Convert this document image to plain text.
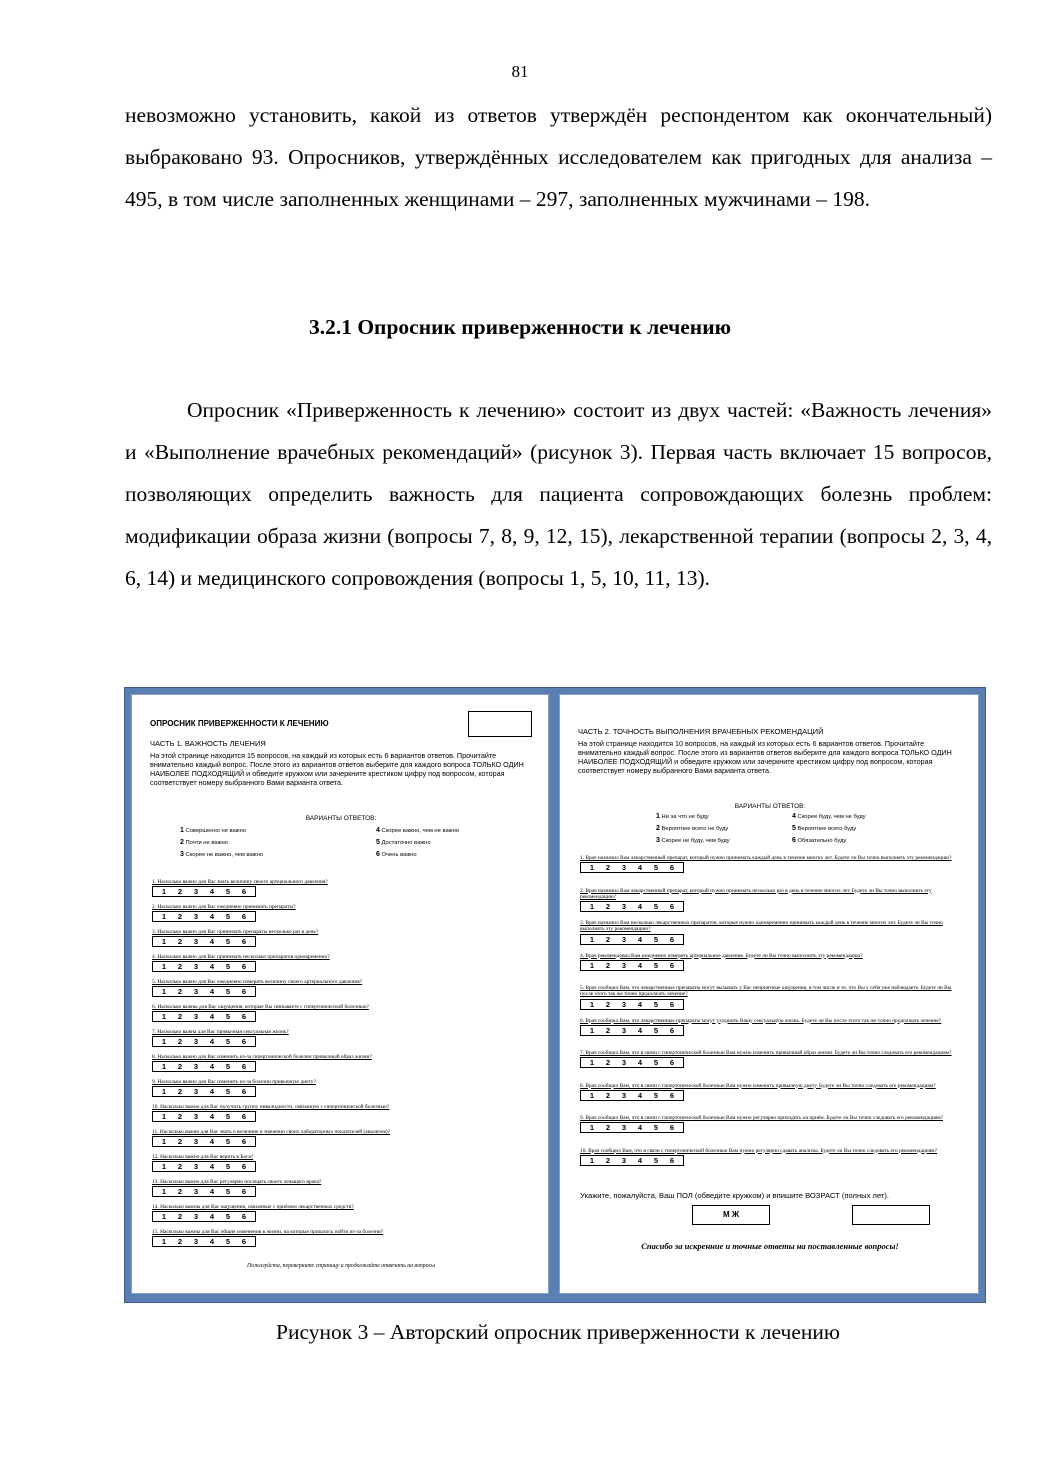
81

невозможно установить, какой из ответов утверждён респондентом как окончательный) выбраковано 93. Опросников, утверждённых исследователем как пригодных для анализа – 495, в том числе заполненных женщинами – 297, заполненных мужчинами – 198.

3.2.1 Опросник приверженности к лечению

Опросник «Приверженность к лечению» состоит из двух частей: «Важность лечения» и «Выполнение врачебных рекомендаций» (рисунок 3). Первая часть включает 15 вопросов, позволяющих определить важность для пациента сопровождающих болезнь проблем: модификации образа жизни (вопросы 7, 8, 9, 12, 15), лекарственной терапии (вопросы 2, 3, 4, 6, 14) и медицинского сопровождения (вопросы 1, 5, 10, 11, 13).

ОПРОСНИК ПРИВЕРЖЕННОСТИ К ЛЕЧЕНИЮ
ЧАСТЬ 1. ВАЖНОСТЬ ЛЕЧЕНИЯ
На этой странице находится 15 вопросов, на каждый из которых есть 6 вариантов ответов. Прочитайте внимательно каждый вопрос. После этого из вариантов ответов выберите для каждого вопроса ТОЛЬКО ОДИН НАИБОЛЕЕ ПОДХОДЯЩИЙ и обведите кружком или зачеркните крестиком цифру под вопросом, которая соответствует номеру выбранного Вами варианта ответа.
ВАРИАНТЫ ОТВЕТОВ:
1 Совершенно не важно	4 Скорее важно, чем не важно
2 Почти не важно	5 Достаточно важно
3 Скорее не важно, чем важно	6 Очень важно
1. Насколько важно для Вас знать величину своего артериального давления?
1 2 3 4 5 6
2. Насколько важно для Вас ежедневно принимать препараты?
1 2 3 4 5 6
3. Насколько важно для Вас принимать препараты несколько раз в день?
1 2 3 4 5 6
4. Насколько важно для Вас принимать несколько препаратов одновременно?
1 2 3 4 5 6
5. Насколько важно для Вас ежедневно измерять величину своего артериального давления?
1 2 3 4 5 6
6. Насколько важны для Вас ощущения, которые Вы связываете с гипертонической болезнью?
1 2 3 4 5 6
7. Насколько важна для Вас привычная сексуальная жизнь?
1 2 3 4 5 6
8. Насколько важно для Вас изменить из-за гипертонической болезни привычный образ жизни?
1 2 3 4 5 6
9. Насколько важно для Вас изменить из-за болезни привычную диету?
1 2 3 4 5 6
10. Насколько важно для Вас получить группу инвалидности, связанную с гипертонической болезнью?
1 2 3 4 5 6
11. Насколько важно для Вас знать о величине и значении своих лабораторных показателей (анализов)?
1 2 3 4 5 6
12. Насколько важно для Вас верить в Бога?
1 2 3 4 5 6
13. Насколько важно для Вас регулярно посещать своего лечащего врача?
1 2 3 4 5 6
14. Насколько важны для Вас ощущения, связанные с приёмом лекарственных средств?
1 2 3 4 5 6
15. Насколько важны для Вас общие изменения в жизни, на которые пришлось пойти из-за болезни?
1 2 3 4 5 6
Пожалуйста, переверните страницу и продолжайте отвечать на вопросы
ЧАСТЬ 2. ТОЧНОСТЬ ВЫПОЛНЕНИЯ ВРАЧЕБНЫХ РЕКОМЕНДАЦИЙ
На этой странице находится 10 вопросов, на каждый из которых есть 6 вариантов ответов. Прочитайте внимательно каждый вопрос. После этого из вариантов ответов выберите для каждого вопроса ТОЛЬКО ОДИН НАИБОЛЕЕ ПОДХОДЯЩИЙ и обведите кружком или зачеркните крестиком цифру под вопросом, которая соответствует номеру выбранного Вами варианта ответа.
ВАРИАНТЫ ОТВЕТОВ:
1 Ни за что не буду	4 Скорее буду, чем не буду
2 Вероятнее всего не буду	5 Вероятнее всего буду
3 Скорее не буду, чем буду	6 Обязательно буду
1. Врач назначил Вам лекарственный препарат, который нужно принимать каждый день в течение многих лет. Будете ли Вы точно выполнять эту рекомендацию?
1 2 3 4 5 6
2. Врач назначил Вам лекарственный препарат, который нужно принимать несколько раз в день в течение многих лет. Будете ли Вы точно выполнять эту рекомендацию?
1 2 3 4 5 6
3. Врач назначил Вам несколько лекарственных препаратов, которые нужно одновременно принимать каждый день в течение многих лет. Будете ли Вы точно выполнять эту рекомендацию?
1 2 3 4 5 6
4. Врач рекомендовал Вам ежедневно измерять артериальное давление. Будете ли Вы точно выполнять эту рекомендацию?
1 2 3 4 5 6
5. Врач сообщил Вам, что лекарственные препараты могут вызывать у Вас неприятные ощущения, в том числе и те, что Вы у себя уже наблюдаете. Будете ли Вы после этого так же точно продолжать лечение?
1 2 3 4 5 6
6. Врач сообщил Вам, что лекарственные препараты могут ухудшить Вашу сексуальную жизнь. Будете ли Вы после этого так же точно продолжать лечение?
1 2 3 4 5 6
7. Врач сообщил Вам, что в связи с гипертонической болезнью Вам нужно изменить привычный образ жизни. Будете ли Вы точно следовать его рекомендациям?
1 2 3 4 5 6
8. Врач сообщил Вам, что в связи с гипертонической болезнью Вам нужно изменить привычную диету. Будете ли Вы точно следовать его рекомендациям?
1 2 3 4 5 6
9. Врач сообщил Вам, что в связи с гипертонической болезнью Вам нужно регулярно приходить на приём. Будете ли Вы точно следовать его рекомендациям?
1 2 3 4 5 6
10. Врач сообщил Вам, что в связи с гипертонической болезнью Вам нужно регулярно сдавать анализы. Будете ли Вы точно следовать его рекомендациям?
1 2 3 4 5 6
Укажите, пожалуйста, Ваш ПОЛ (обведите кружком) и впишите ВОЗРАСТ (полных лет).
М Ж
Спасибо за искренние и точные ответы на поставленные вопросы!
Рисунок 3 – Авторский опросник приверженности к лечению
